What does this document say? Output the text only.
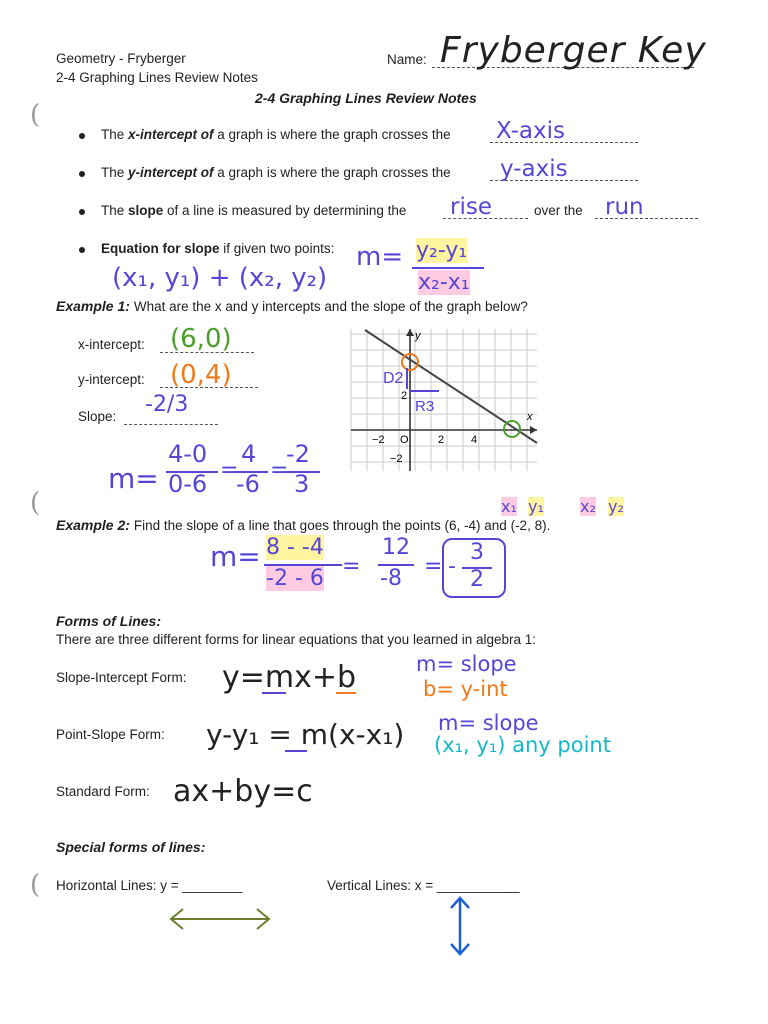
(
(
(
Geometry - Fryberger
2-4 Graphing Lines Review Notes
Name: Fryberger Key
2-4 Graphing Lines Review Notes
The x-intercept of a graph is where the graph crosses the X-axis
The y-intercept of a graph is where the graph crosses the y-axis
The slope of a line is measured by determining the rise	over the run
Equation for slope if given two points: m= y₂-y₁
x₂-x₁
(x₁, y₁) + (x₂, y₂)
Example 1: What are the x and y intercepts and the slope of the graph below?
x-intercept: (6,0)
y-intercept: (0,4)
Slope: -2/3
m=
4-0
0-6 =
4
-6 =
-2
3
D2
R3
x
y
−2 O	2 4
2
−2
x₁ y₁ x₂ y₂
Example 2: Find the slope of a line that goes through the points (6, -4) and (-2, 8).
m= 8 - -4
-2 - 6 =
12
-8 = -
3
2
Forms of Lines:
There are three different forms for linear equations that you learned in algebra 1:
Slope-Intercept Form: y=mx+b	m= slope
b= y-int
Point-Slope Form: y-y₁ = m(x-x₁) m= slope
(x₁, y₁) any point
Standard Form: ax+by=c
Special forms of lines:
Horizontal Lines: y = ________	Vertical Lines: x = ___________
